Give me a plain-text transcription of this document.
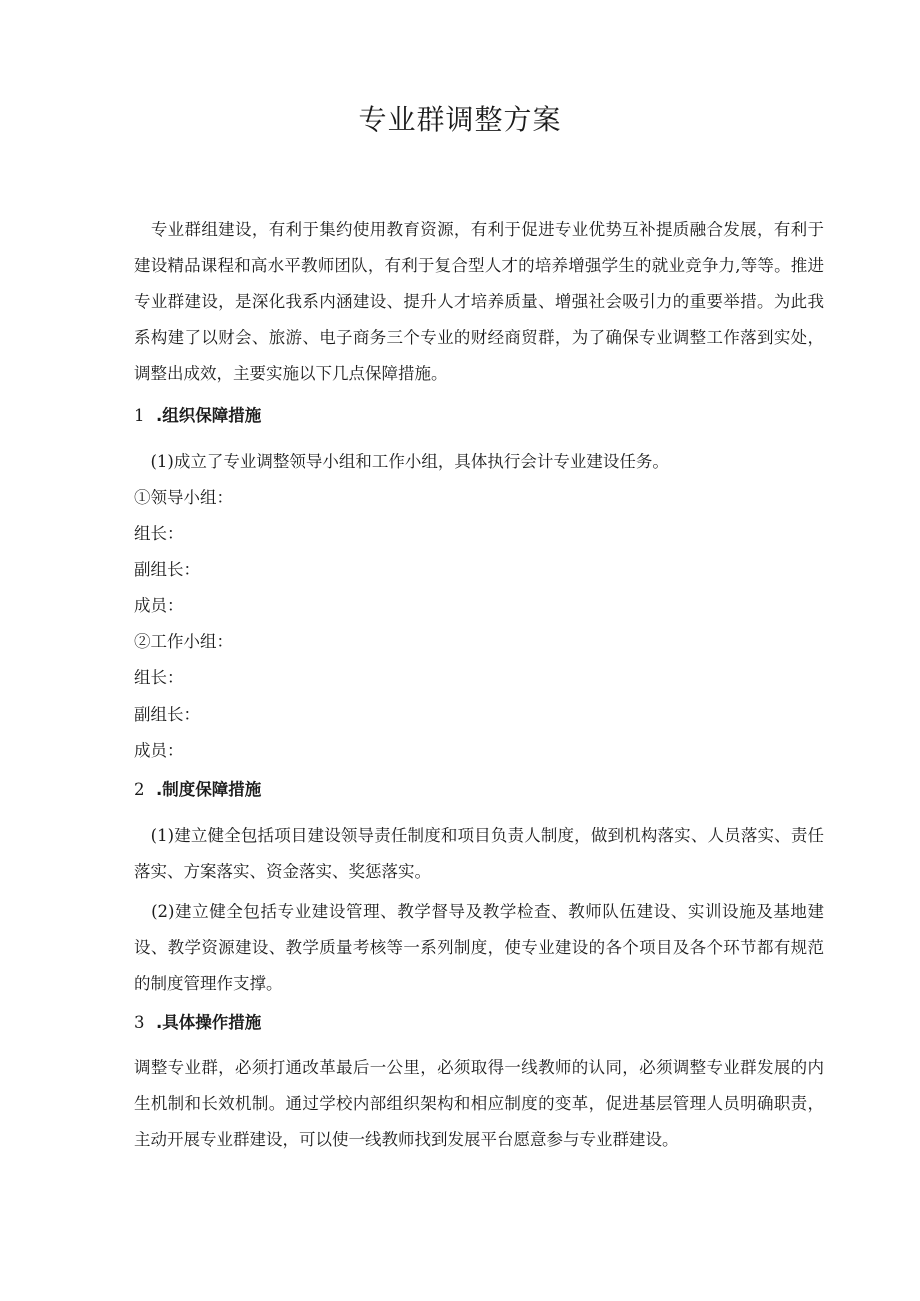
专业群调整方案

　专业群组建设，有利于集约使用教育资源，有利于促进专业优势互补提质融合发展，有利于建设精品课程和高水平教师团队，有利于复合型人才的培养增强学生的就业竞争力,等等。推进专业群建设，是深化我系内涵建设、提升人才培养质量、增强社会吸引力的重要举措。为此我系构建了以财会、旅游、电子商务三个专业的财经商贸群，为了确保专业调整工作落到实处，调整出成效，主要实施以下几点保障措施。

1 .组织保障措施

　(1)成立了专业调整领导小组和工作小组，具体执行会计专业建设任务。

①领导小组：

组长：

副组长：

成员：

②工作小组：

组长：

副组长：

成员：

2 .制度保障措施

　(1)建立健全包括项目建设领导责任制度和项目负责人制度，做到机构落实、人员落实、责任落实、方案落实、资金落实、奖惩落实。

　(2)建立健全包括专业建设管理、教学督导及教学检查、教师队伍建设、实训设施及基地建设、教学资源建设、教学质量考核等一系列制度，使专业建设的各个项目及各个环节都有规范的制度管理作支撑。

3 .具体操作措施

调整专业群，必须打通改革最后一公里，必须取得一线教师的认同，必须调整专业群发展的内生机制和长效机制。通过学校内部组织架构和相应制度的变革，促进基层管理人员明确职责，主动开展专业群建设，可以使一线教师找到发展平台愿意参与专业群建设。
